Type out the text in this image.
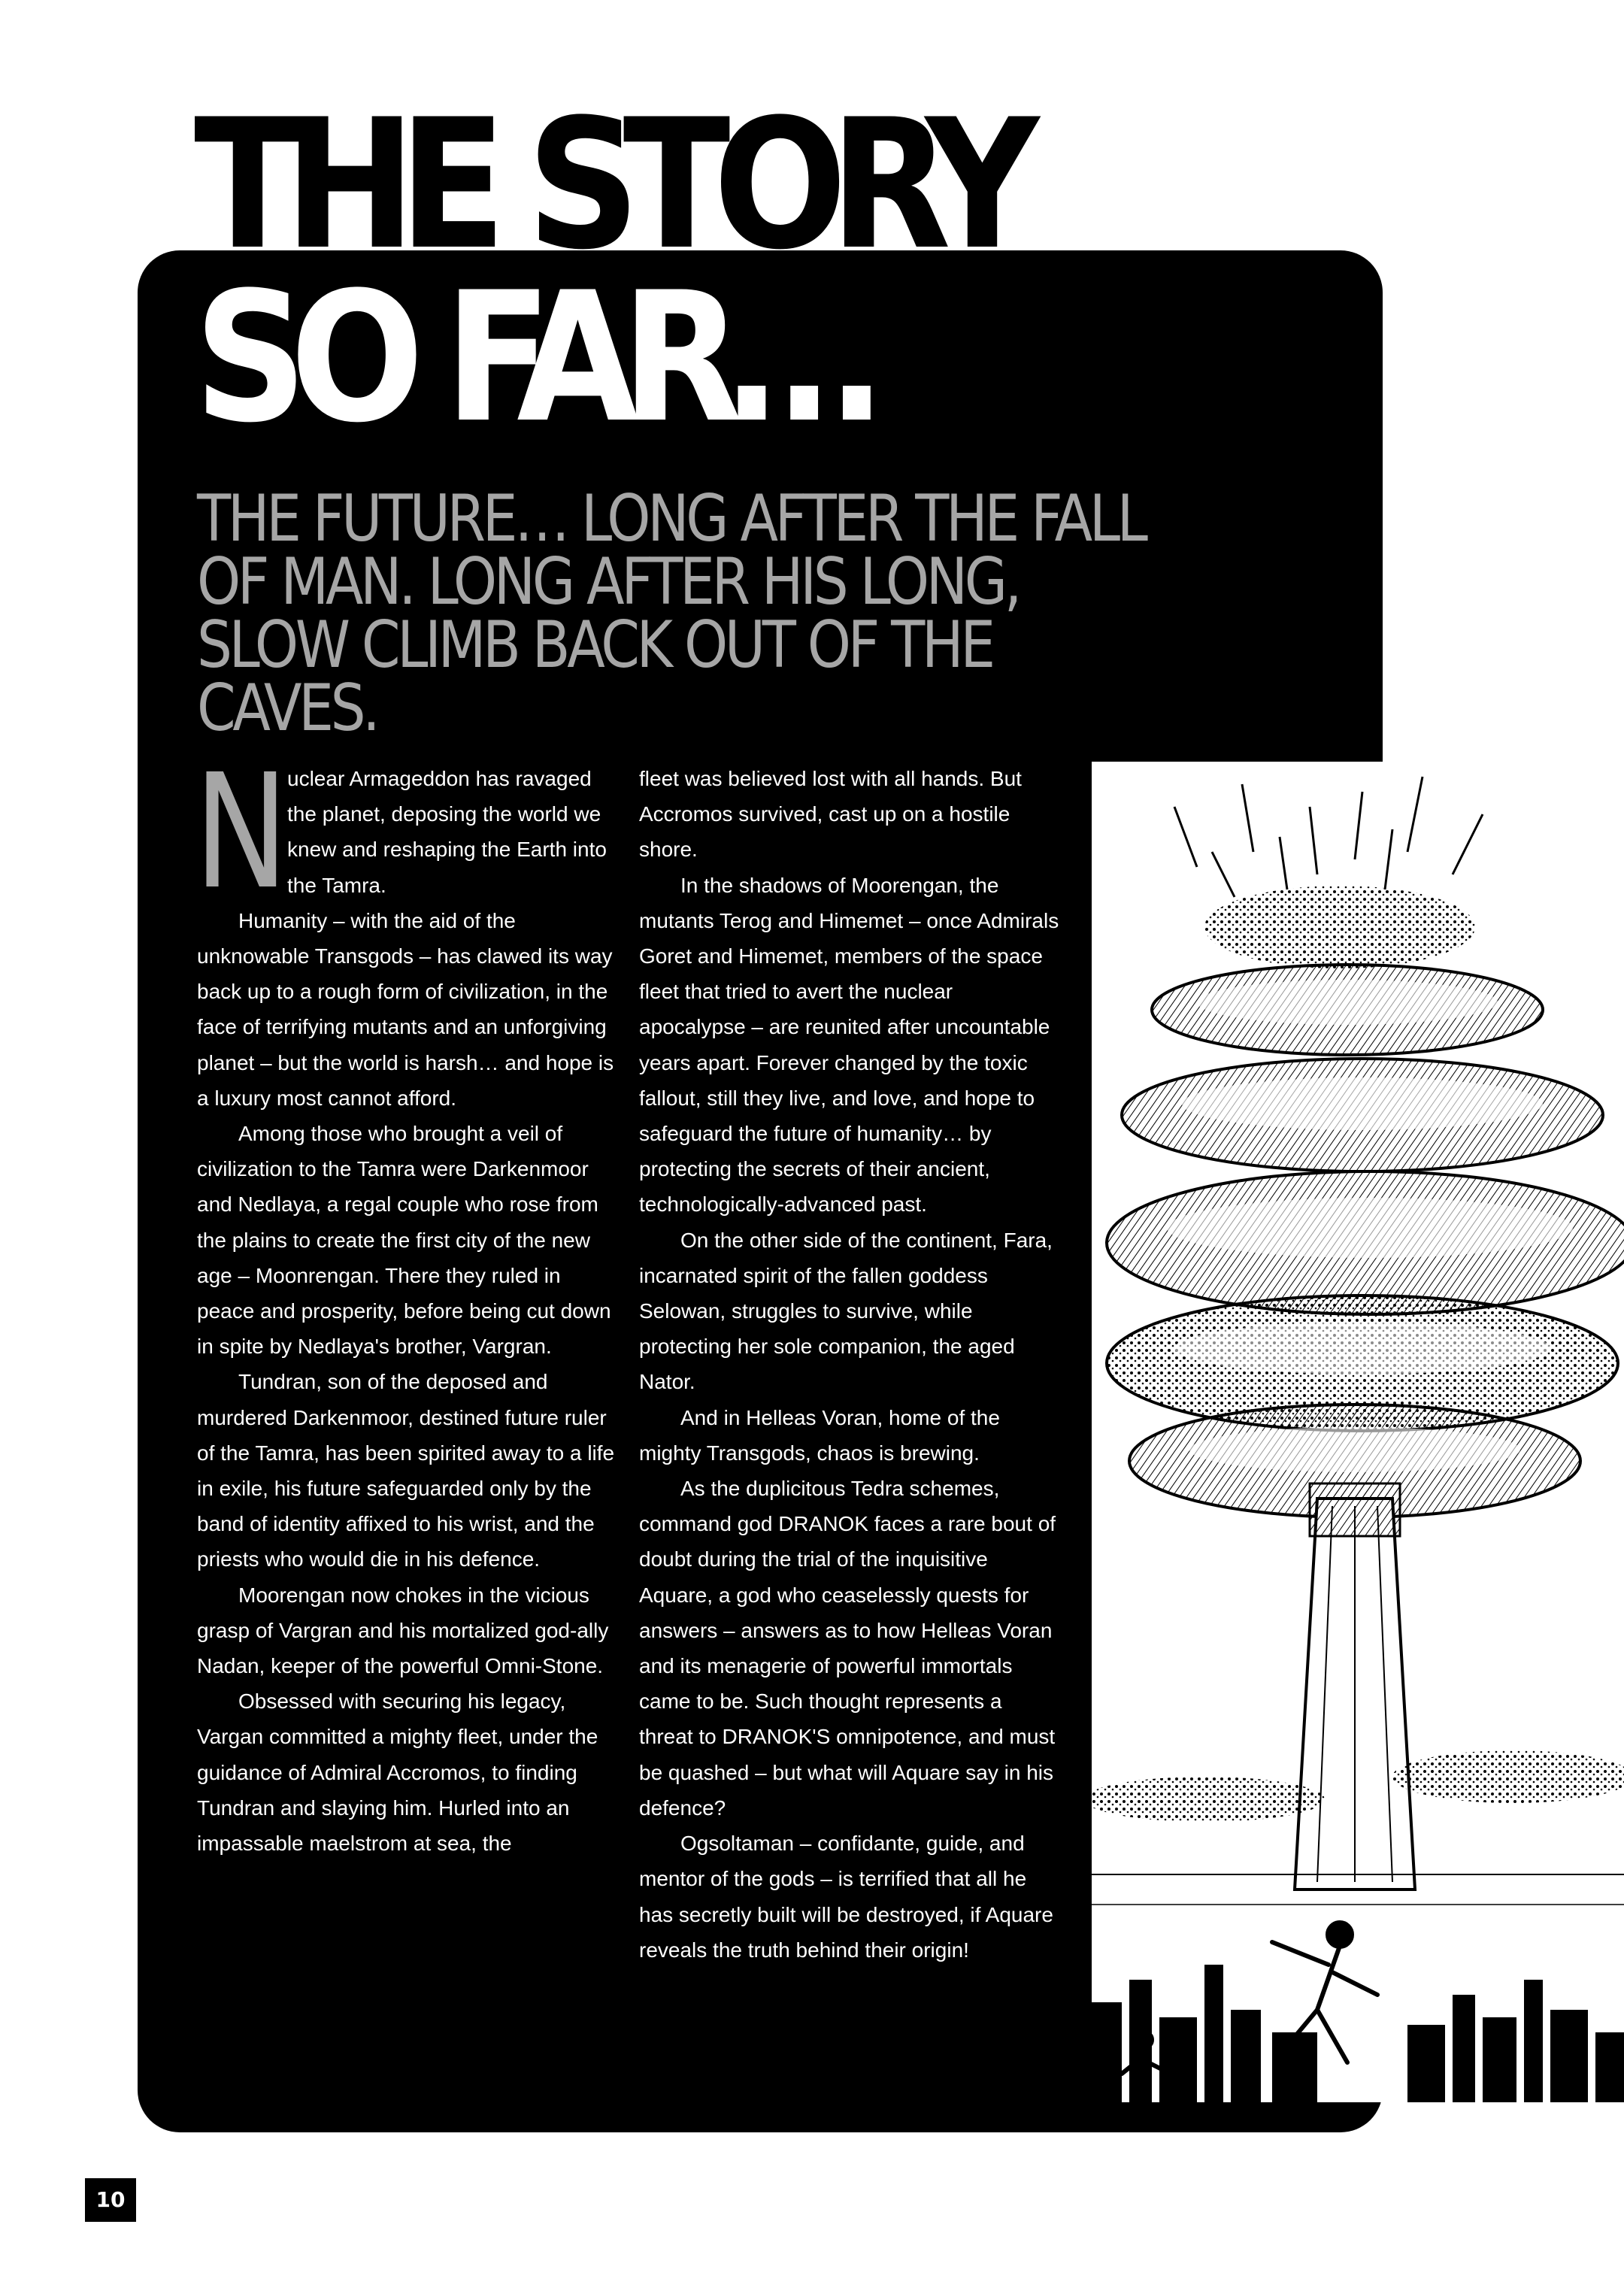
THE STORY
SO FAR…
THE FUTURE… LONG AFTER THE FALL OF MAN. LONG AFTER HIS LONG, SLOW CLIMB BACK OUT OF THE CAVES.

N
uclear Armageddon has ravaged the planet, deposing the world we knew and reshaping the Earth into the Tamra.

Humanity – with the aid of the unknowable Transgods – has clawed its way back up to a rough form of civilization, in the face of terrifying mutants and an unforgiving planet – but the world is harsh… and hope is a luxury most cannot afford.

Among those who brought a veil of civilization to the Tamra were Darkenmoor and Nedlaya, a regal couple who rose from the plains to create the first city of the new age – Moonrengan. There they ruled in peace and prosperity, before being cut down in spite by Nedlaya's brother, Vargran.

Tundran, son of the deposed and murdered Darkenmoor, destined future ruler of the Tamra, has been spirited away to a life in exile, his future safeguarded only by the band of identity affixed to his wrist, and the priests who would die in his defence.

Moorengan now chokes in the vicious grasp of Vargran and his mortalized god-ally Nadan, keeper of the powerful Omni-Stone.

Obsessed with securing his legacy, Vargan committed a mighty fleet, under the guidance of Admiral Accromos, to finding Tundran and slaying him. Hurled into an impassable maelstrom at sea, the

fleet was believed lost with all hands. But Accromos survived, cast up on a hostile shore.

In the shadows of Moorengan, the mutants Terog and Himemet – once Admirals Goret and Himemet, members of the space fleet that tried to avert the nuclear apocalypse – are reunited after uncountable years apart. Forever changed by the toxic fallout, still they live, and love, and hope to safeguard the future of humanity… by protecting the secrets of their ancient, technologically-advanced past.

On the other side of the continent, Fara, incarnated spirit of the fallen goddess Selowan, struggles to survive, while protecting her sole companion, the aged Nator.

And in Helleas Voran, home of the mighty Transgods, chaos is brewing.

As the duplicitous Tedra schemes, command god DRANOK faces a rare bout of doubt during the trial of the inquisitive Aquare, a god who ceaselessly quests for answers – answers as to how Helleas Voran and its menagerie of powerful immortals came to be. Such thought represents a threat to DRANOK'S omnipotence, and must be quashed – but what will Aquare say in his defence?

Ogsoltaman – confidante, guide, and mentor of the gods – is terrified that all he has secretly built will be destroyed, if Aquare reveals the truth behind their origin!

10
